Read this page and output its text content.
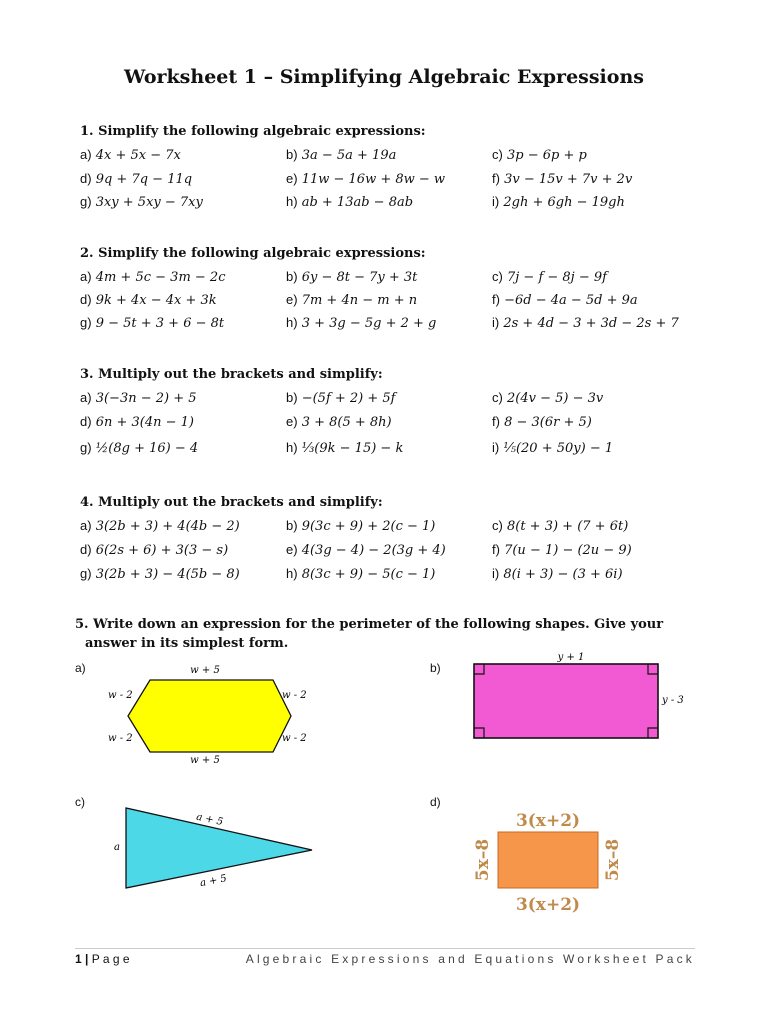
Worksheet 1 – Simplifying Algebraic Expressions
1. Simplify the following algebraic expressions:
a) 4x + 5x − 7x	b) 3a − 5a + 19a	c) 3p − 6p + p
d) 9q + 7q − 11q	e) 11w − 16w + 8w − w	f) 3v − 15v + 7v + 2v
g) 3xy + 5xy − 7xy	h) ab + 13ab − 8ab	i) 2gh + 6gh − 19gh
2. Simplify the following algebraic expressions:
a) 4m + 5c − 3m − 2c	b) 6y − 8t − 7y + 3t	c) 7j − f − 8j − 9f
d) 9k + 4x − 4x + 3k	e) 7m + 4n − m + n	f) −6d − 4a − 5d + 9a
g) 9 − 5t + 3 + 6 − 8t	h) 3 + 3g − 5g + 2 + g	i) 2s + 4d − 3 + 3d − 2s + 7
3. Multiply out the brackets and simplify:
a) 3(−3n − 2) + 5	b) −(5f + 2) + 5f	c) 2(4v − 5) − 3v
d) 6n + 3(4n − 1)	e) 3 + 8(5 + 8h)	f) 8 − 3(6r + 5)
g) ½(8g + 16) − 4	h) ⅓(9k − 15) − k	i) ⅕(20 + 50y) − 1
4. Multiply out the brackets and simplify:
a) 3(2b + 3) + 4(4b − 2)	b) 9(3c + 9) + 2(c − 1)	c) 8(t + 3) + (7 + 6t)
d) 6(2s + 6) + 3(3 − s)	e) 4(3g − 4) − 2(3g + 4)	f) 7(u − 1) − (2u − 9)
g) 3(2b + 3) − 4(5b − 8)	h) 8(3c + 9) − 5(c − 1)	i) 8(i + 3) − (3 + 6i)
5. Write down an expression for the perimeter of the following shapes. Give your
answer in its simplest form.
a)	b)
c)	d)
w + 5
w + 5
w - 2
w - 2
w - 2
w - 2
y + 1
y - 3
a
a + 5
a + 5
3(x+2)
3(x+2)
5x–8	5x–8
1 | P a g e	Algebraic Expressions and Equations Worksheet Pack
